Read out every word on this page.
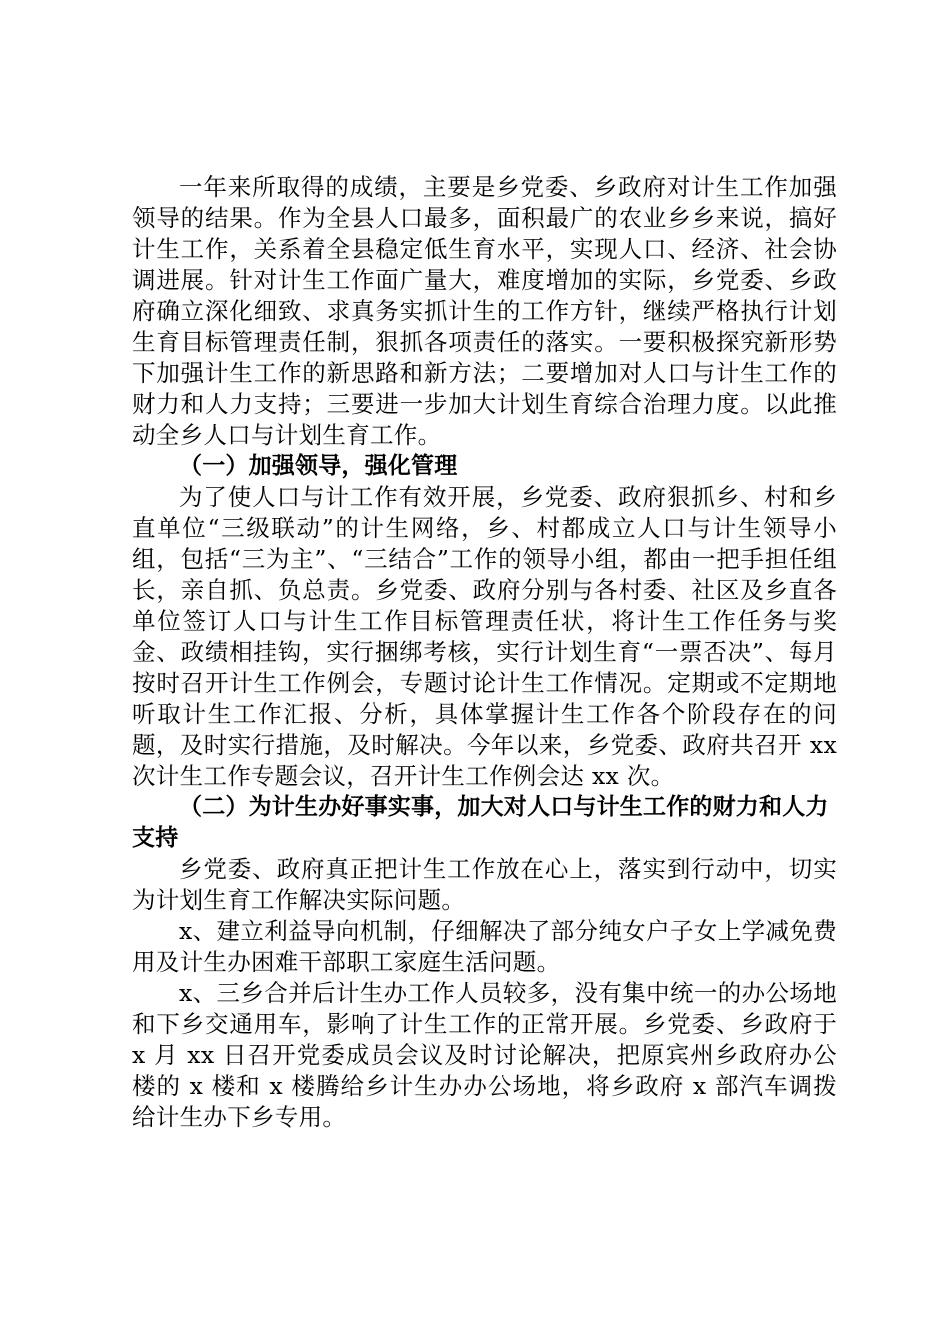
一年来所取得的成绩，主要是乡党委、乡政府对计生工作加强领导的结果。作为全县人口最多，面积最广的农业乡乡来说，搞好计生工作，关系着全县稳定低生育水平，实现人口、经济、社会协调进展。针对计生工作面广量大，难度增加的实际，乡党委、乡政府确立深化细致、求真务实抓计生的工作方针，继续严格执行计划生育目标管理责任制，狠抓各项责任的落实。一要积极探究新形势下加强计生工作的新思路和新方法；二要增加对人口与计生工作的财力和人力支持；三要进一步加大计划生育综合治理力度。以此推动全乡人口与计划生育工作。

（一）加强领导，强化管理

为了使人口与计工作有效开展，乡党委、政府狠抓乡、村和乡直单位“三级联动”的计生网络，乡、村都成立人口与计生领导小组，包括“三为主”、“三结合”工作的领导小组，都由一把手担任组长，亲自抓、负总责。乡党委、政府分别与各村委、社区及乡直各单位签订人口与计生工作目标管理责任状，将计生工作任务与奖金、政绩相挂钩，实行捆绑考核，实行计划生育“一票否决”、每月按时召开计生工作例会，专题讨论计生工作情况。定期或不定期地听取计生工作汇报、分析，具体掌握计生工作各个阶段存在的问题，及时实行措施，及时解决。今年以来，乡党委、政府共召开 xx 次计生工作专题会议，召开计生工作例会达 xx 次。

（二）为计生办好事实事，加大对人口与计生工作的财力和人力支持

乡党委、政府真正把计生工作放在心上，落实到行动中，切实为计划生育工作解决实际问题。

x、建立利益导向机制，仔细解决了部分纯女户子女上学减免费用及计生办困难干部职工家庭生活问题。

x、三乡合并后计生办工作人员较多，没有集中统一的办公场地和下乡交通用车，影响了计生工作的正常开展。乡党委、乡政府于 x 月 xx 日召开党委成员会议及时讨论解决，把原宾州乡政府办公楼的 x 楼和 x 楼腾给乡计生办办公场地，将乡政府 x 部汽车调拨给计生办下乡专用。
